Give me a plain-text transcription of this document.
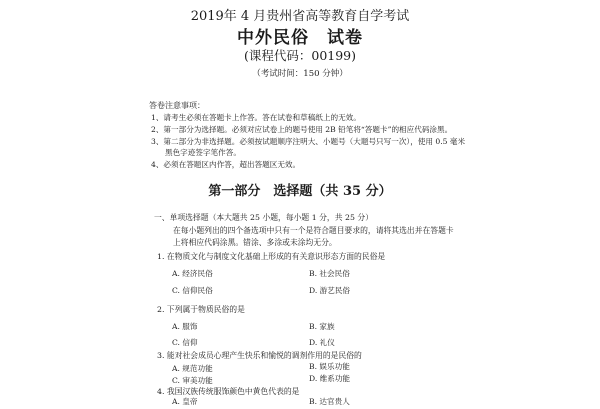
2019年 4 月贵州省高等教育自学考试
中外民俗　试卷
(课程代码：00199)
（考试时间：150 分钟）
答卷注意事项：
1、请考生必须在答题卡上作答。答在试卷和草稿纸上的无效。
2、第一部分为选择题。必须对应试卷上的题号使用 2B 铅笔将“答题卡”的相应代码涂黑。
3、第二部分为非选择题。必须按试题顺序注明大、小题号（大题号只写一次），使用 0.5 毫米
黑色字迹签字笔作答。
4、必须在答题区内作答，超出答题区无效。
第一部分　选择题（共 35 分）
一、单项选择题（本大题共 25 小题，每小题 1 分，共 25 分）
在每小题列出的四个备选项中只有一个是符合题目要求的，请将其选出并在答题卡
上将相应代码涂黑。错涂、多涂或未涂均无分。
1. 在物质文化与制度文化基础上形成的有关意识形态方面的民俗是
A. 经济民俗	B. 社会民俗
C. 信仰民俗	D. 游艺民俗
2. 下列属于物质民俗的是
A. 服饰	B. 家族
C. 信仰	D. 礼仪
3. 能对社会成员心理产生快乐和愉悦的调剂作用的是民俗的
A. 规范功能	B. 娱乐功能
C. 审美功能	D. 维系功能
4. 我国汉族传统服饰颜色中黄色代表的是
A. 皇帝	B. 达官贵人
